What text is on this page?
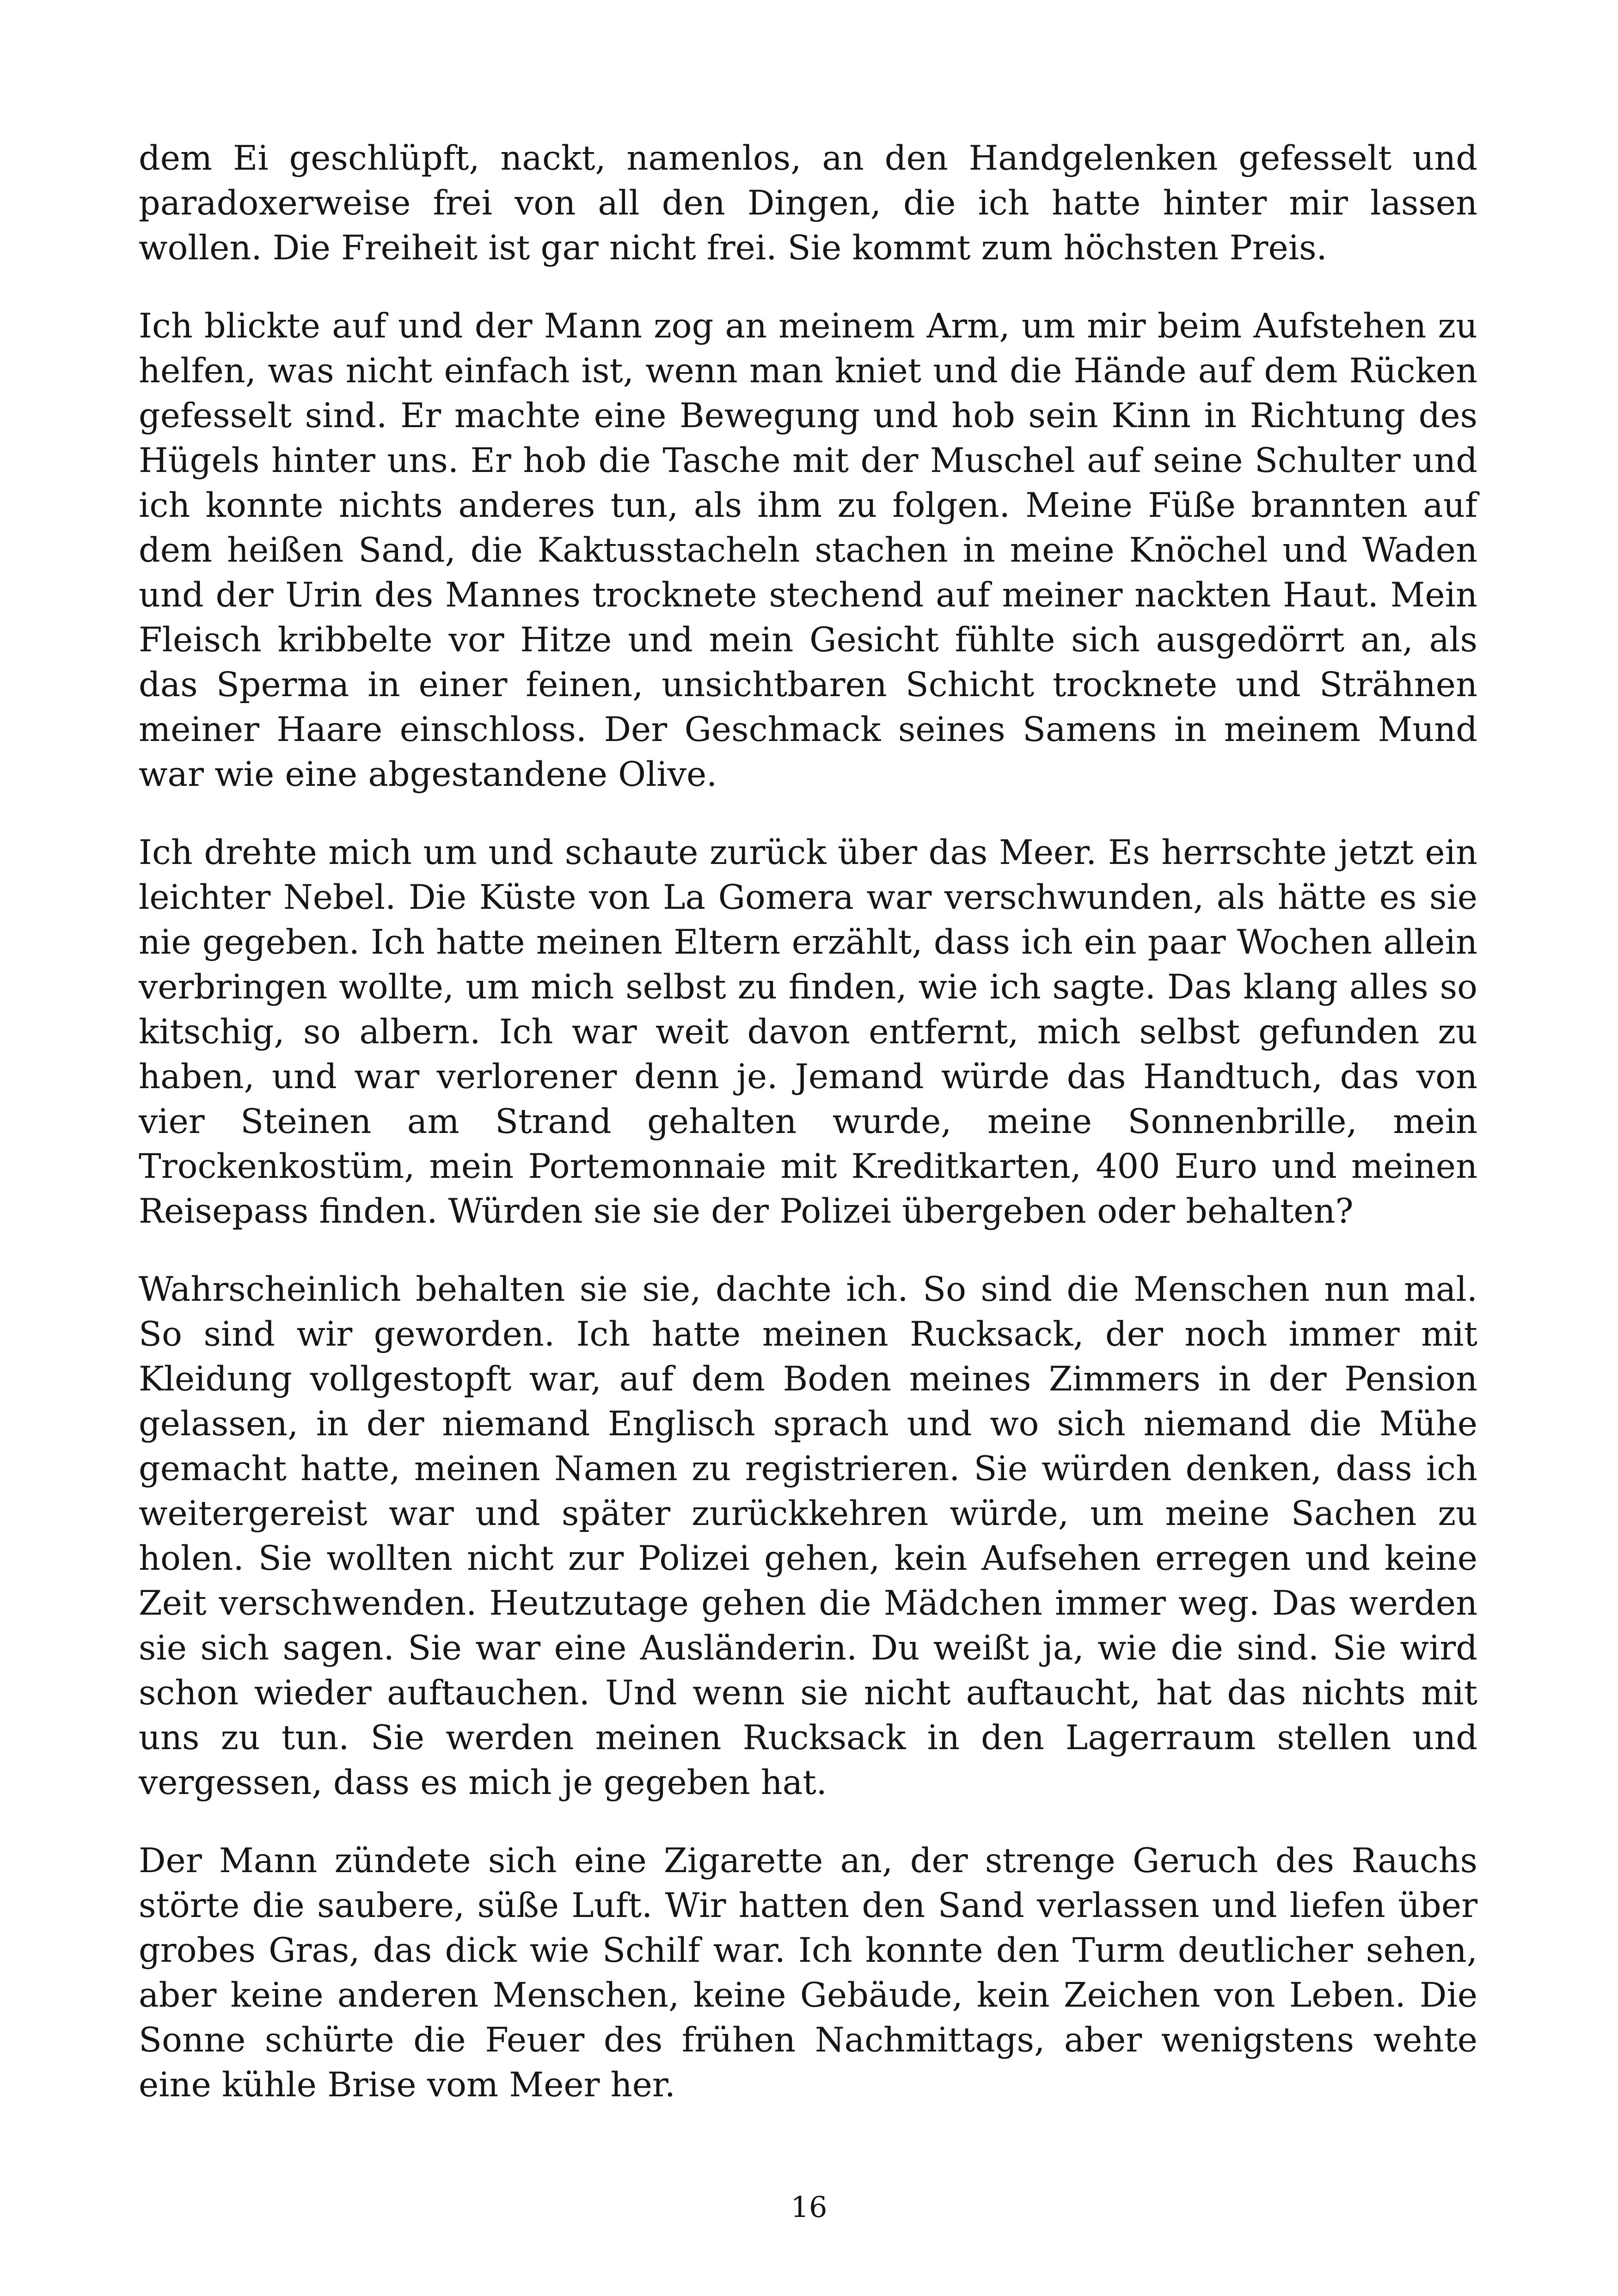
dem Ei geschlüpft, nackt, namenlos, an den Handgelenken gefesselt und paradoxerweise frei von all den Dingen, die ich hatte hinter mir lassen wollen. Die Freiheit ist gar nicht frei. Sie kommt zum höchsten Preis.

Ich blickte auf und der Mann zog an meinem Arm, um mir beim Aufstehen zu helfen, was nicht einfach ist, wenn man kniet und die Hände auf dem Rücken gefesselt sind. Er machte eine Bewegung und hob sein Kinn in Richtung des Hügels hinter uns. Er hob die Tasche mit der Muschel auf seine Schulter und ich konnte nichts anderes tun, als ihm zu folgen. Meine Füße brannten auf dem heißen Sand, die Kaktusstacheln stachen in meine Knöchel und Waden und der Urin des Mannes trocknete stechend auf meiner nackten Haut. Mein Fleisch kribbelte vor Hitze und mein Gesicht fühlte sich ausgedörrt an, als das Sperma in einer feinen, unsichtbaren Schicht trocknete und Strähnen meiner Haare einschloss. Der Geschmack seines Samens in meinem Mund war wie eine abgestandene Olive.

Ich drehte mich um und schaute zurück über das Meer. Es herrschte jetzt ein leichter Nebel. Die Küste von La Gomera war verschwunden, als hätte es sie nie gegeben. Ich hatte meinen Eltern erzählt, dass ich ein paar Wochen allein verbringen wollte, um mich selbst zu finden, wie ich sagte. Das klang alles so kitschig, so albern. Ich war weit davon entfernt, mich selbst gefunden zu haben, und war verlorener denn je. Jemand würde das Handtuch, das von vier Steinen am Strand gehalten wurde, meine Sonnenbrille, mein Trockenkostüm, mein Portemonnaie mit Kreditkarten, 400 Euro und meinen Reisepass finden. Würden sie sie der Polizei übergeben oder behalten?

Wahrscheinlich behalten sie sie, dachte ich. So sind die Menschen nun mal. So sind wir geworden. Ich hatte meinen Rucksack, der noch immer mit Kleidung vollgestopft war, auf dem Boden meines Zimmers in der Pension gelassen, in der niemand Englisch sprach und wo sich niemand die Mühe gemacht hatte, meinen Namen zu registrieren. Sie würden denken, dass ich weitergereist war und später zurückkehren würde, um meine Sachen zu holen. Sie wollten nicht zur Polizei gehen, kein Aufsehen erregen und keine Zeit verschwenden. Heutzutage gehen die Mädchen immer weg. Das werden sie sich sagen. Sie war eine Ausländerin. Du weißt ja, wie die sind. Sie wird schon wieder auftauchen. Und wenn sie nicht auftaucht, hat das nichts mit uns zu tun. Sie werden meinen Rucksack in den Lagerraum stellen und vergessen, dass es mich je gegeben hat.

Der Mann zündete sich eine Zigarette an, der strenge Geruch des Rauchs störte die saubere, süße Luft. Wir hatten den Sand verlassen und liefen über grobes Gras, das dick wie Schilf war. Ich konnte den Turm deutlicher sehen, aber keine anderen Menschen, keine Gebäude, kein Zeichen von Leben. Die Sonne schürte die Feuer des frühen Nachmittags, aber wenigstens wehte eine kühle Brise vom Meer her.

16
